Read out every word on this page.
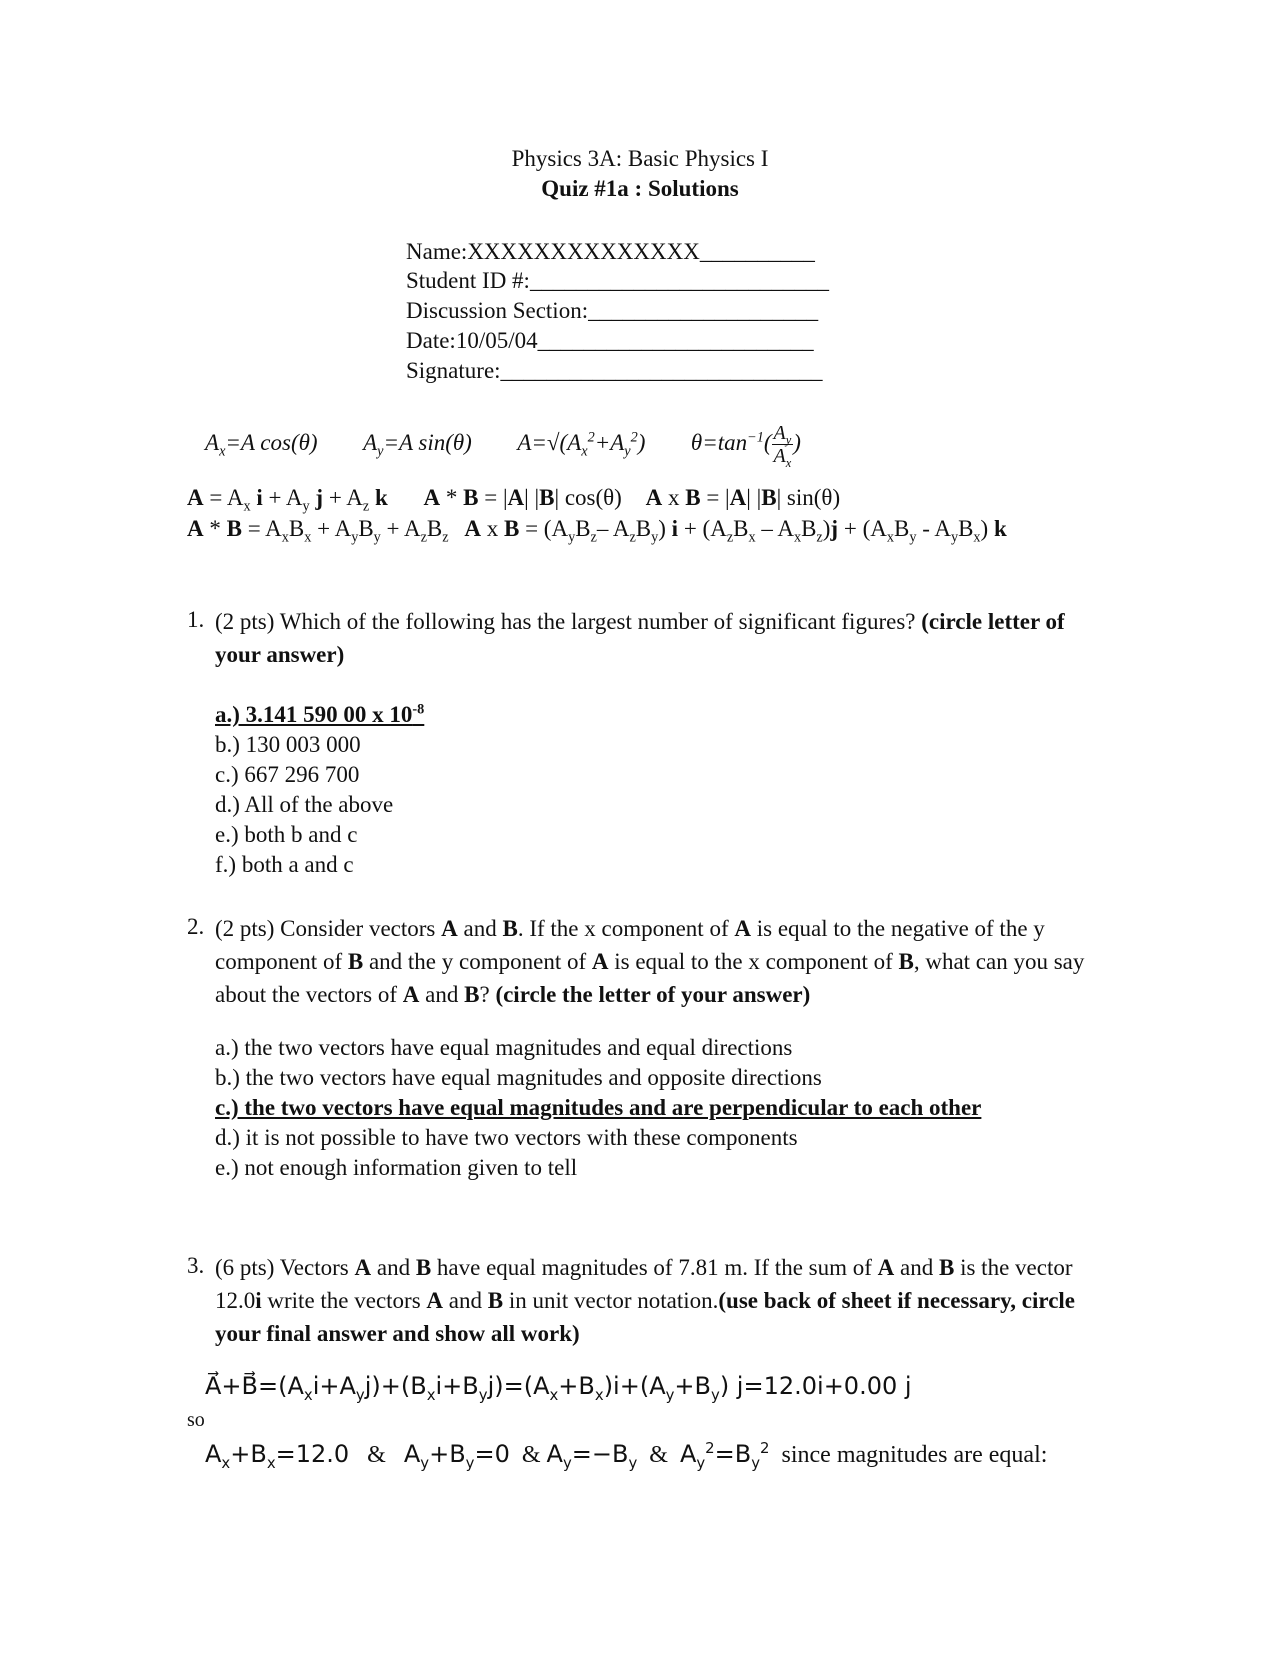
Physics 3A: Basic Physics I
Quiz #1a : Solutions
Name:XXXXXXXXXXXXXX__________
Student ID #:__________________________
Discussion Section:____________________
Date:10/05/04________________________
Signature:____________________________
$A_x=A$ cos(θ) $A_y=A$ sin(θ) $A=√(A_x^2+A_y^2)$ $\theta=\tan^{-1}( \frac{A_y}{A_x}$ )
$A = A_x$ $i + A_y$ $j + A_z$ k A * B = |A| |B| cos(θ) A x B = |A| |B| sin(θ)
$A * B = A_xB_x + A_yB_y + A_zB_z$ A x $B = (A_yB_z-$ $A_zB_y$) $i + (A_zB_x - A_xB_z)j + (A_xB_y - A_yB_x)$ k
1. (2 pts) Which of the following has the largest number of significant figures? (circle letter of your answer)
a.) 3.141 590 00 x $10^{-8}$
b.) 130 003 000
c.) 667 296 700
d.) All of the above
e.) both b and c
f.) both a and c
2. (2 pts) Consider vectors A and B. If the x component of A is equal to the negative of the y component of B and the y component of A is equal to the x component of B, what can you say about the vectors of A and B? (circle the letter of your answer)
a.) the two vectors have equal magnitudes and equal directions
b.) the two vectors have equal magnitudes and opposite directions
c.) the two vectors have equal magnitudes and are perpendicular to each other
d.) it is not possible to have two vectors with these components
e.) not enough information given to tell
3. (6 pts) Vectors A and B have equal magnitudes of 7.81 m. If the sum of A and B is the vector 12.0i write the vectors A and B in unit vector notation.(use back of sheet if necessary, circle your final answer and show all work)
$A⃗+B⃗=(A_xi+A_yj)+(B_xi+B_yj)=(A_x+B_x)i+(A_y+B_y)$ j=12.0i+0.00 j
so
$A_x+B_x=12.0$   &   $A_y+B_y=0$  & $A_y=-B_y$  &  $A_y^2=B_y^2$  since magnitudes are equal:
